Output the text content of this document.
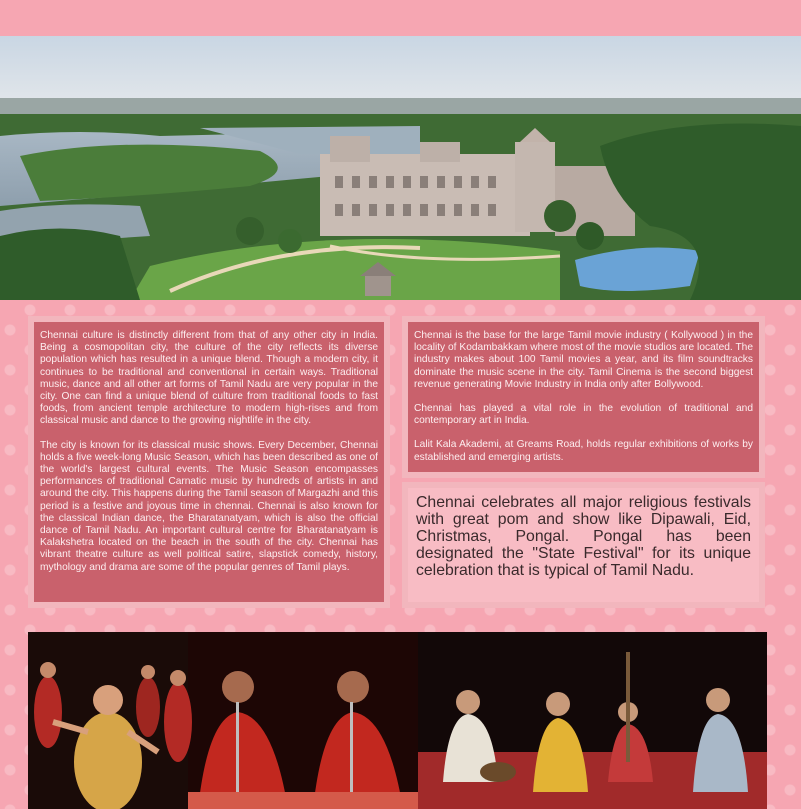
Chennai culture is distinctly different from that of any other city in India. Being a cosmopolitan city, the culture of the city reflects its diverse population which has resulted in a unique blend. Though a modern city, it continues to be traditional and conventional in certain ways. Traditional music, dance and all other art forms of Tamil Nadu are very popular in the city. One can find a unique blend of culture from traditional foods to fast foods, from ancient temple architecture to modern high-rises and from classical music and dance to the growing nightlife in the city.

The city is known for its classical music shows. Every December, Chennai holds a five week-long Music Season, which has been described as one of the world's largest cultural events. The Music Season encompasses performances of traditional Carnatic music by hundreds of artists in and around the city. This happens during the Tamil season of Margazhi and this period is a festive and joyous time in chennai. Chennai is also known for the classical Indian dance, the Bharatanatyam, which is also the official dance of Tamil Nadu. An important cultural centre for Bharatanatyam is Kalakshetra located on the beach in the south of the city. Chennai has vibrant theatre culture as well political satire, slapstick comedy, history, mythology and drama are some of the popular genres of Tamil plays.

Chennai is the base for the large Tamil movie industry ( Kollywood ) in the locality of Kodambakkam where most of the movie studios are located. The industry makes about 100 Tamil movies a year, and its film soundtracks dominate the music scene in the city. Tamil Cinema is the second biggest revenue generating Movie Industry in India only after Bollywood.

Chennai has played a vital role in the evolution of traditional and contemporary art in India.

Lalit Kala Akademi, at Greams Road, holds regular exhibitions of works by established and emerging artists.

Chennai celebrates all major religious festivals with great pom and show like Dipawali, Eid, Christmas, Pongal. Pongal has been designated the "State Festival" for its unique celebration that is typical of Tamil Nadu.
